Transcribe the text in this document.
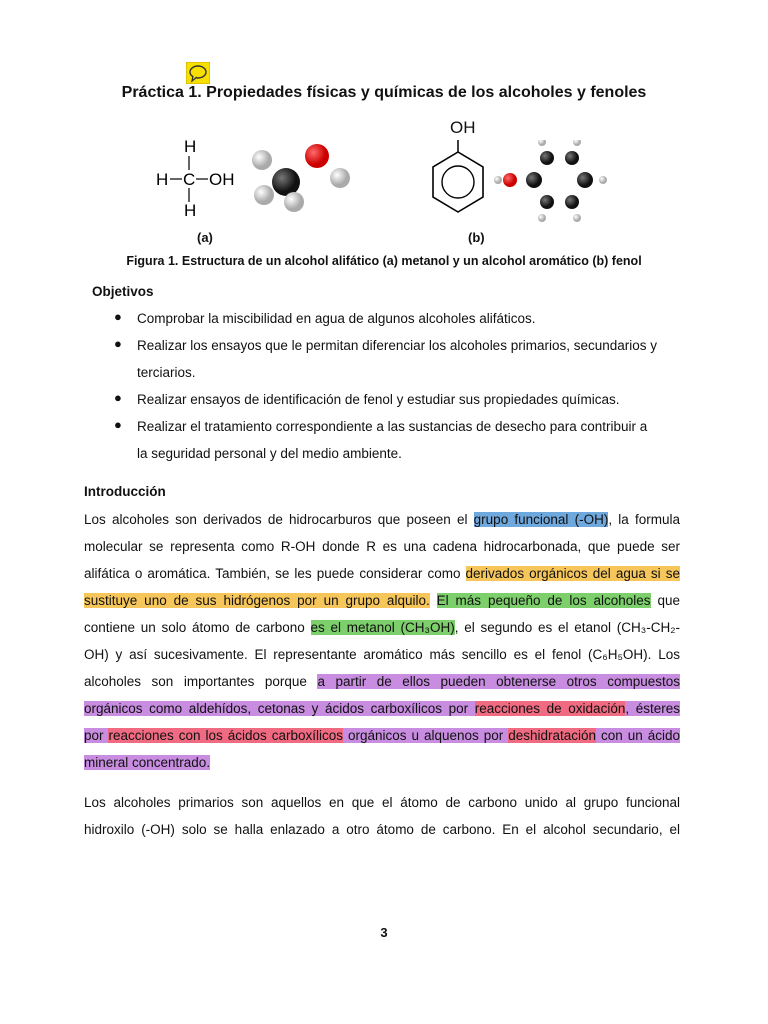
Práctica 1. Propiedades físicas y químicas de los alcoholes y fenoles
H
H C OH
H
(a)
OH
(b)
Figura 1. Estructura de un alcohol alifático (a) metanol y un alcohol aromático (b) fenol
Objetivos
● Comprobar la miscibilidad en agua de algunos alcoholes alifáticos.
● Realizar los ensayos que le permitan diferenciar los alcoholes primarios, secundarios y
terciarios.
● Realizar ensayos de identificación de fenol y estudiar sus propiedades químicas.
● Realizar el tratamiento correspondiente a las sustancias de desecho para contribuir a
la seguridad personal y del medio ambiente.
Introducción
Los alcoholes son derivados de hidrocarburos que poseen el grupo funcional (-OH), la formula
molecular se representa como R-OH donde R es una cadena hidrocarbonada, que puede ser
alifática o aromática. También, se les puede considerar como derivados orgánicos del agua si se
sustituye uno de sus hidrógenos por un grupo alquilo. El más pequeño de los alcoholes que
contiene un solo átomo de carbono es el metanol (CH₃OH), el segundo es el etanol (CH₃-CH₂-
OH) y así sucesivamente. El representante aromático más sencillo es el fenol (C₆H₅OH). Los
alcoholes son importantes porque a partir de ellos pueden obtenerse otros compuestos
orgánicos como aldehídos, cetonas y ácidos carboxílicos por reacciones de oxidación, ésteres
por reacciones con los ácidos carboxílicos orgánicos u alquenos por deshidratación con un ácido
mineral concentrado.
Los alcoholes primarios son aquellos en que el átomo de carbono unido al grupo funcional
hidroxilo (-OH) solo se halla enlazado a otro átomo de carbono. En el alcohol secundario, el
3
